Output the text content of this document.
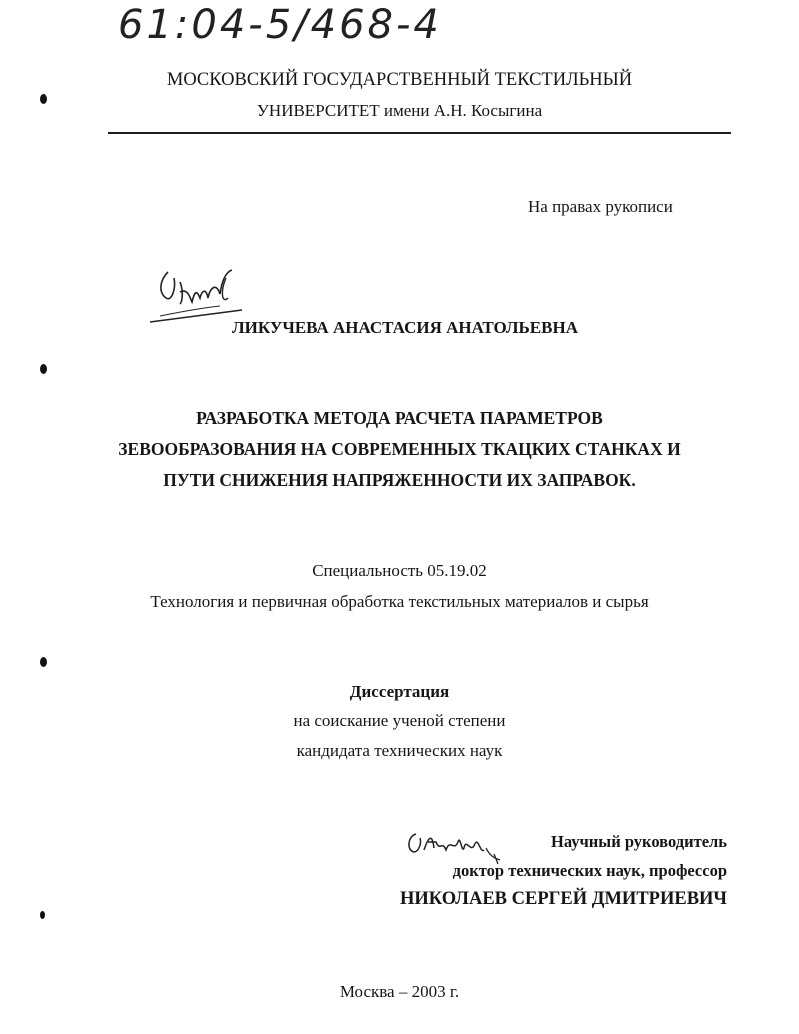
61:04-5/468-4
МОСКОВСКИЙ ГОСУДАРСТВЕННЫЙ ТЕКСТИЛЬНЫЙ
УНИВЕРСИТЕТ имени А.Н. Косыгина
На правах рукописи
ЛИКУЧЕВА АНАСТАСИЯ АНАТОЛЬЕВНА
РАЗРАБОТКА МЕТОДА РАСЧЕТА ПАРАМЕТРОВ
ЗЕВООБРАЗОВАНИЯ НА СОВРЕМЕННЫХ ТКАЦКИХ СТАНКАХ И
ПУТИ СНИЖЕНИЯ НАПРЯЖЕННОСТИ ИХ ЗАПРАВОК.
Специальность 05.19.02
Технология и первичная обработка текстильных материалов и сырья
Диссертация
на соискание ученой степени
кандидата технических наук
Научный руководитель
доктор технических наук, профессор
НИКОЛАЕВ СЕРГЕЙ ДМИТРИЕВИЧ
Москва – 2003 г.
